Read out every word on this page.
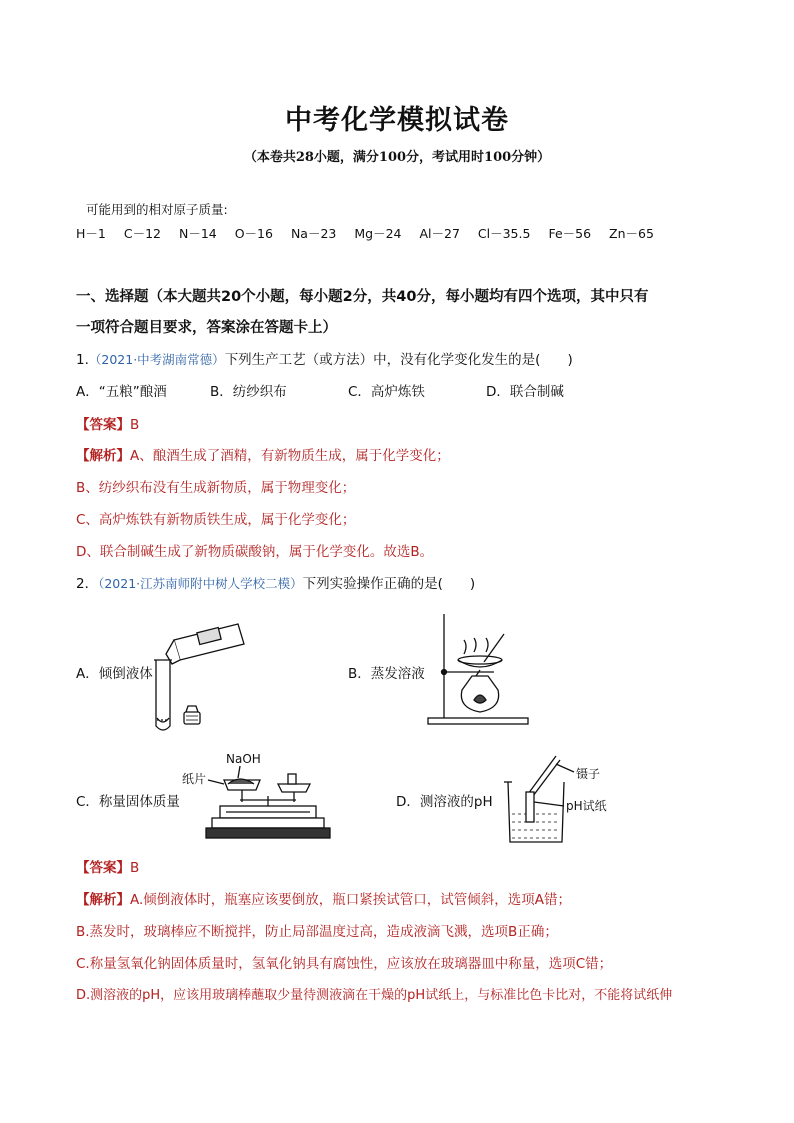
中考化学模拟试卷
（本卷共28小题，满分100分，考试用时100分钟）
可能用到的相对原子质量:
H－1 C－12 N－14 O－16 Na－23 Mg－24 Al－27 Cl－35.5 Fe－56 Zn－65
一、选择题（本大题共20个小题，每小题2分，共40分，每小题均有四个选项，其中只有
一项符合题目要求，答案涂在答题卡上）
1.（2021·中考湖南常德）下列生产工艺（或方法）中，没有化学变化发生的是(　　)
A．“五粮”酿酒	B．纺纱织布	C．高炉炼铁	D．联合制碱
【答案】B
【解析】A、酿酒生成了酒精，有新物质生成，属于化学变化；
B、纺纱织布没有生成新物质，属于物理变化；
C、高炉炼铁有新物质铁生成，属于化学变化；
D、联合制碱生成了新物质碳酸钠，属于化学变化。故选B。
2．（2021·江苏南师附中树人学校二模）下列实验操作正确的是(　　)
A．倾倒液体	B．蒸发溶液
C．称量固体质量	D．测溶液的pH
NaOH
纸片	镊子
pH试纸
【答案】B
【解析】A.倾倒液体时，瓶塞应该要倒放，瓶口紧挨试管口，试管倾斜，选项A错；
B.蒸发时，玻璃棒应不断搅拌，防止局部温度过高，造成液滴飞溅，选项B正确；
C.称量氢氧化钠固体质量时，氢氧化钠具有腐蚀性，应该放在玻璃器皿中称量，选项C错；
D.测溶液的pH，应该用玻璃棒蘸取少量待测液滴在干燥的pH试纸上，与标准比色卡比对，不能将试纸伸
